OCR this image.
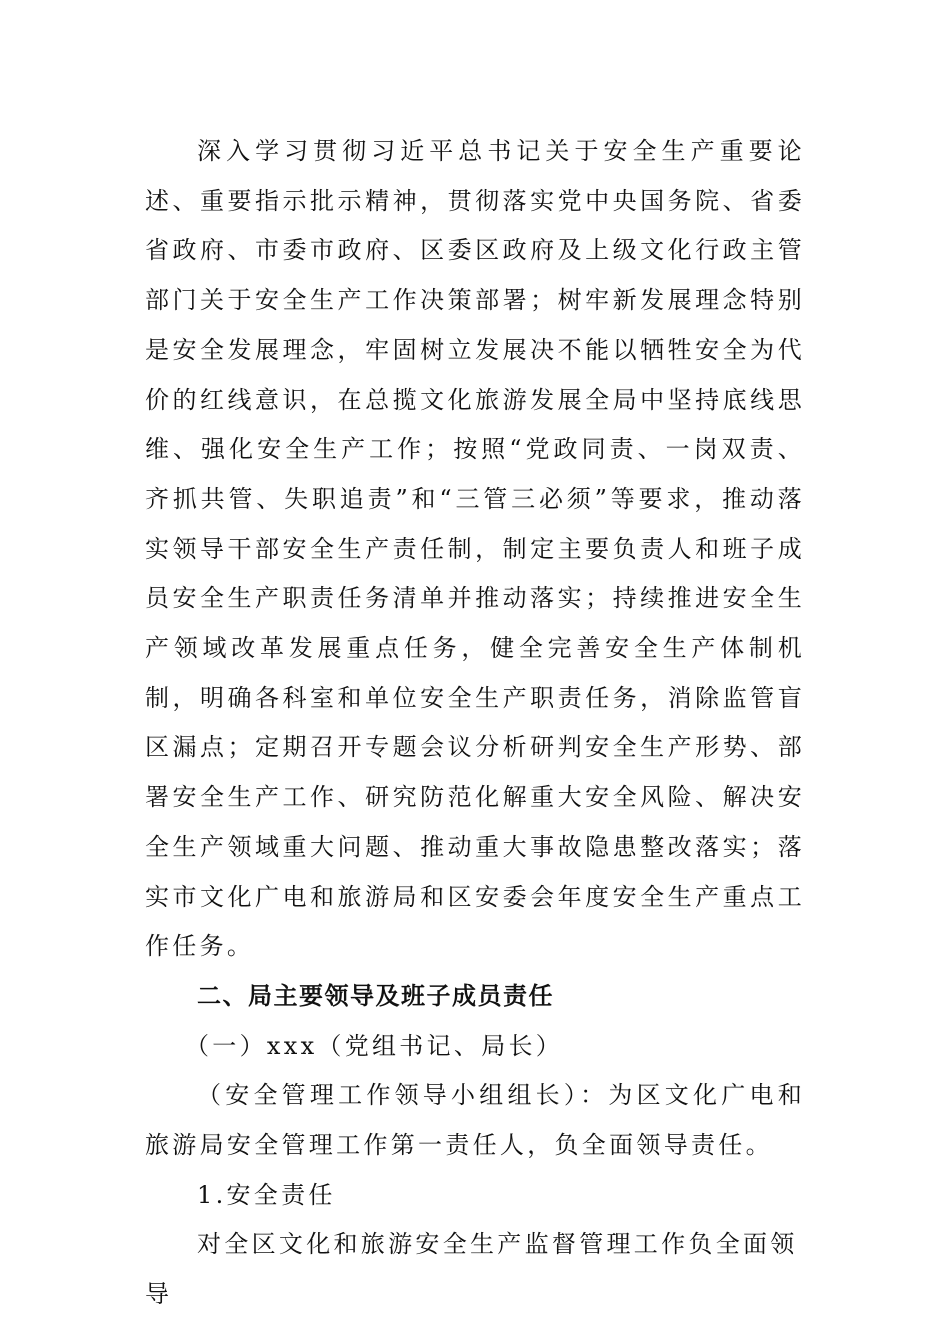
深入学习贯彻习近平总书记关于安全生产重要论述、重要指示批示精神，贯彻落实党中央国务院、省委省政府、市委市政府、区委区政府及上级文化行政主管部门关于安全生产工作决策部署；树牢新发展理念特别是安全发展理念，牢固树立发展决不能以牺牲安全为代价的红线意识，在总揽文化旅游发展全局中坚持底线思维、强化安全生产工作；按照“党政同责、一岗双责、齐抓共管、失职追责”和“三管三必须”等要求，推动落实领导干部安全生产责任制，制定主要负责人和班子成员安全生产职责任务清单并推动落实；持续推进安全生产领域改革发展重点任务，健全完善安全生产体制机制，明确各科室和单位安全生产职责任务，消除监管盲区漏点；定期召开专题会议分析研判安全生产形势、部署安全生产工作、研究防范化解重大安全风险、解决安全生产领域重大问题、推动重大事故隐患整改落实；落实市文化广电和旅游局和区安委会年度安全生产重点工作任务。

二、局主要领导及班子成员责任

（一）xxx（党组书记、局长）

（安全管理工作领导小组组长）：为区文化广电和旅游局安全管理工作第一责任人，负全面领导责任。

1.安全责任

对全区文化和旅游安全生产监督管理工作负全面领导
